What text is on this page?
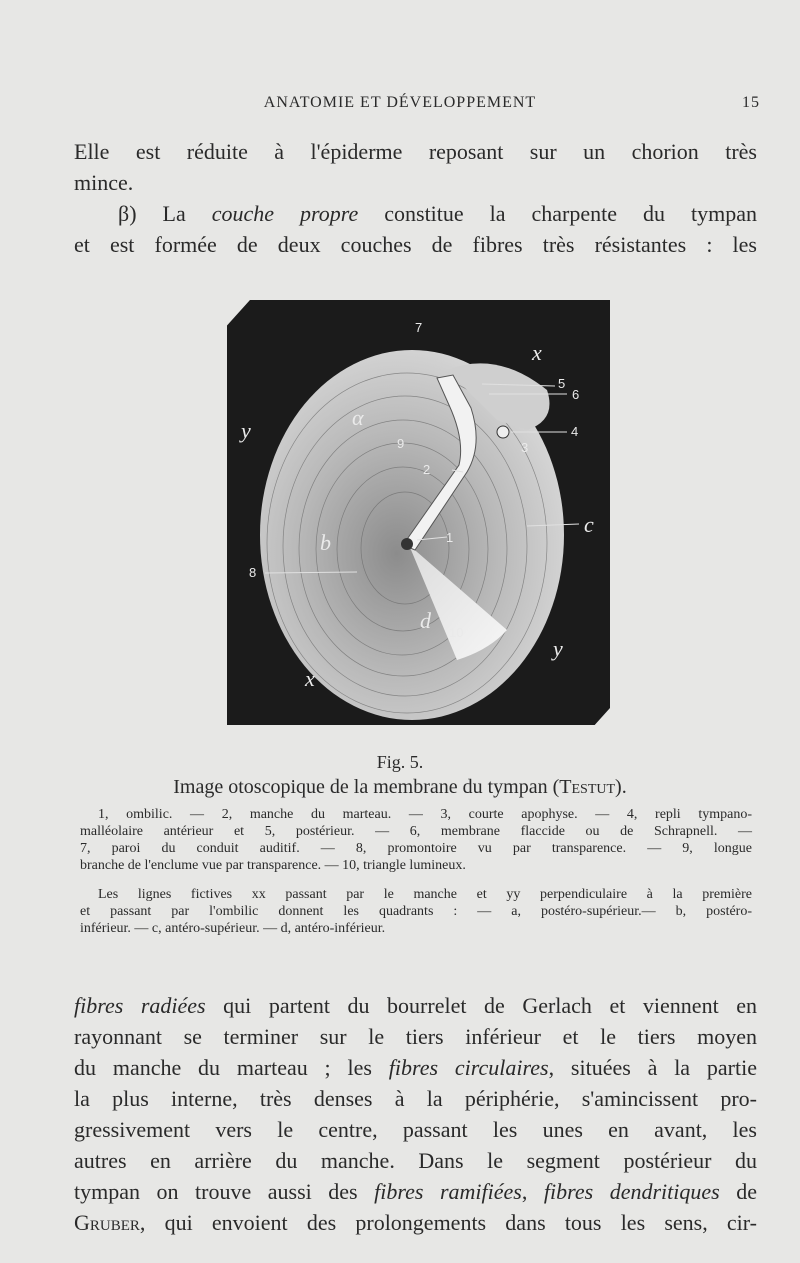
ANATOMIE ET DÉVELOPPEMENT	15

Elle est réduite à l'épiderme reposant sur un chorion très
mince.
β) La couche propre constitue la charpente du tympan
et est formée de deux couches de fibres très résistantes : les

7
x
5
6
4
3
y
α
9
2
1
c
b
8
d 10
y
x
Fig. 5.
Image otoscopique de la membrane du tympan (Testut).

1, ombilic. — 2, manche du marteau. — 3, courte apophyse. — 4, repli tympano-
malléolaire antérieur et 5, postérieur. — 6, membrane flaccide ou de Schrapnell. —
7, paroi du conduit auditif. — 8, promontoire vu par transparence. — 9, longue
branche de l'enclume vue par transparence. — 10, triangle lumineux.

Les lignes fictives xx passant par le manche et yy perpendiculaire à la première
et passant par l'ombilic donnent les quadrants : — a, postéro-supérieur.— b, postéro-
inférieur. — c, antéro-supérieur. — d, antéro-inférieur.

fibres radiées qui partent du bourrelet de Gerlach et viennent en
rayonnant se terminer sur le tiers inférieur et le tiers moyen
du manche du marteau ; les fibres circulaires, situées à la partie
la plus interne, très denses à la périphérie, s'amincissent pro-
gressivement vers le centre, passant les unes en avant, les
autres en arrière du manche. Dans le segment postérieur du
tympan on trouve aussi des fibres ramifiées, fibres dendritiques de
Gruber, qui envoient des prolongements dans tous les sens, cir-
